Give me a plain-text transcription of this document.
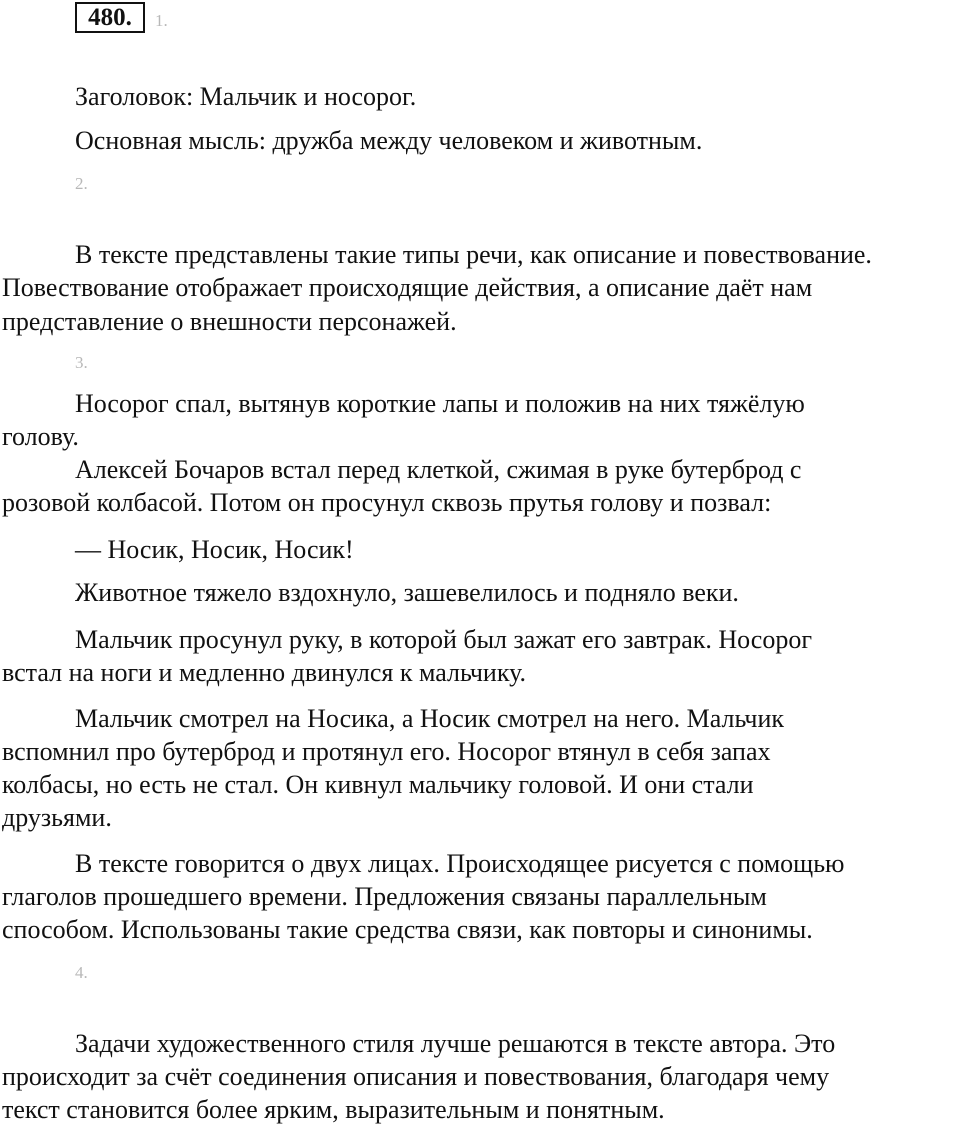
480.	1.

Заголовок: Мальчик и носорог.

Основная мысль: дружба между человеком и животным.

2.

В тексте представлены такие типы речи, как описание и повествование.

Повествование отображает происходящие действия, а описание даёт нам

представление о внешности персонажей.

3.

Носорог спал, вытянув короткие лапы и положив на них тяжёлую

голову.

Алексей Бочаров встал перед клеткой, сжимая в руке бутерброд с

розовой колбасой. Потом он просунул сквозь прутья голову и позвал:

— Носик, Носик, Носик!

Животное тяжело вздохнуло, зашевелилось и подняло веки.

Мальчик просунул руку, в которой был зажат его завтрак. Носорог

встал на ноги и медленно двинулся к мальчику.

Мальчик смотрел на Носика, а Носик смотрел на него. Мальчик

вспомнил про бутерброд и протянул его. Носорог втянул в себя запах

колбасы, но есть не стал. Он кивнул мальчику головой. И они стали

друзьями.

В тексте говорится о двух лицах. Происходящее рисуется с помощью

глаголов прошедшего времени. Предложения связаны параллельным

способом. Использованы такие средства связи, как повторы и синонимы.

4.

Задачи художественного стиля лучше решаются в тексте автора. Это

происходит за счёт соединения описания и повествования, благодаря чему

текст становится более ярким, выразительным и понятным.
